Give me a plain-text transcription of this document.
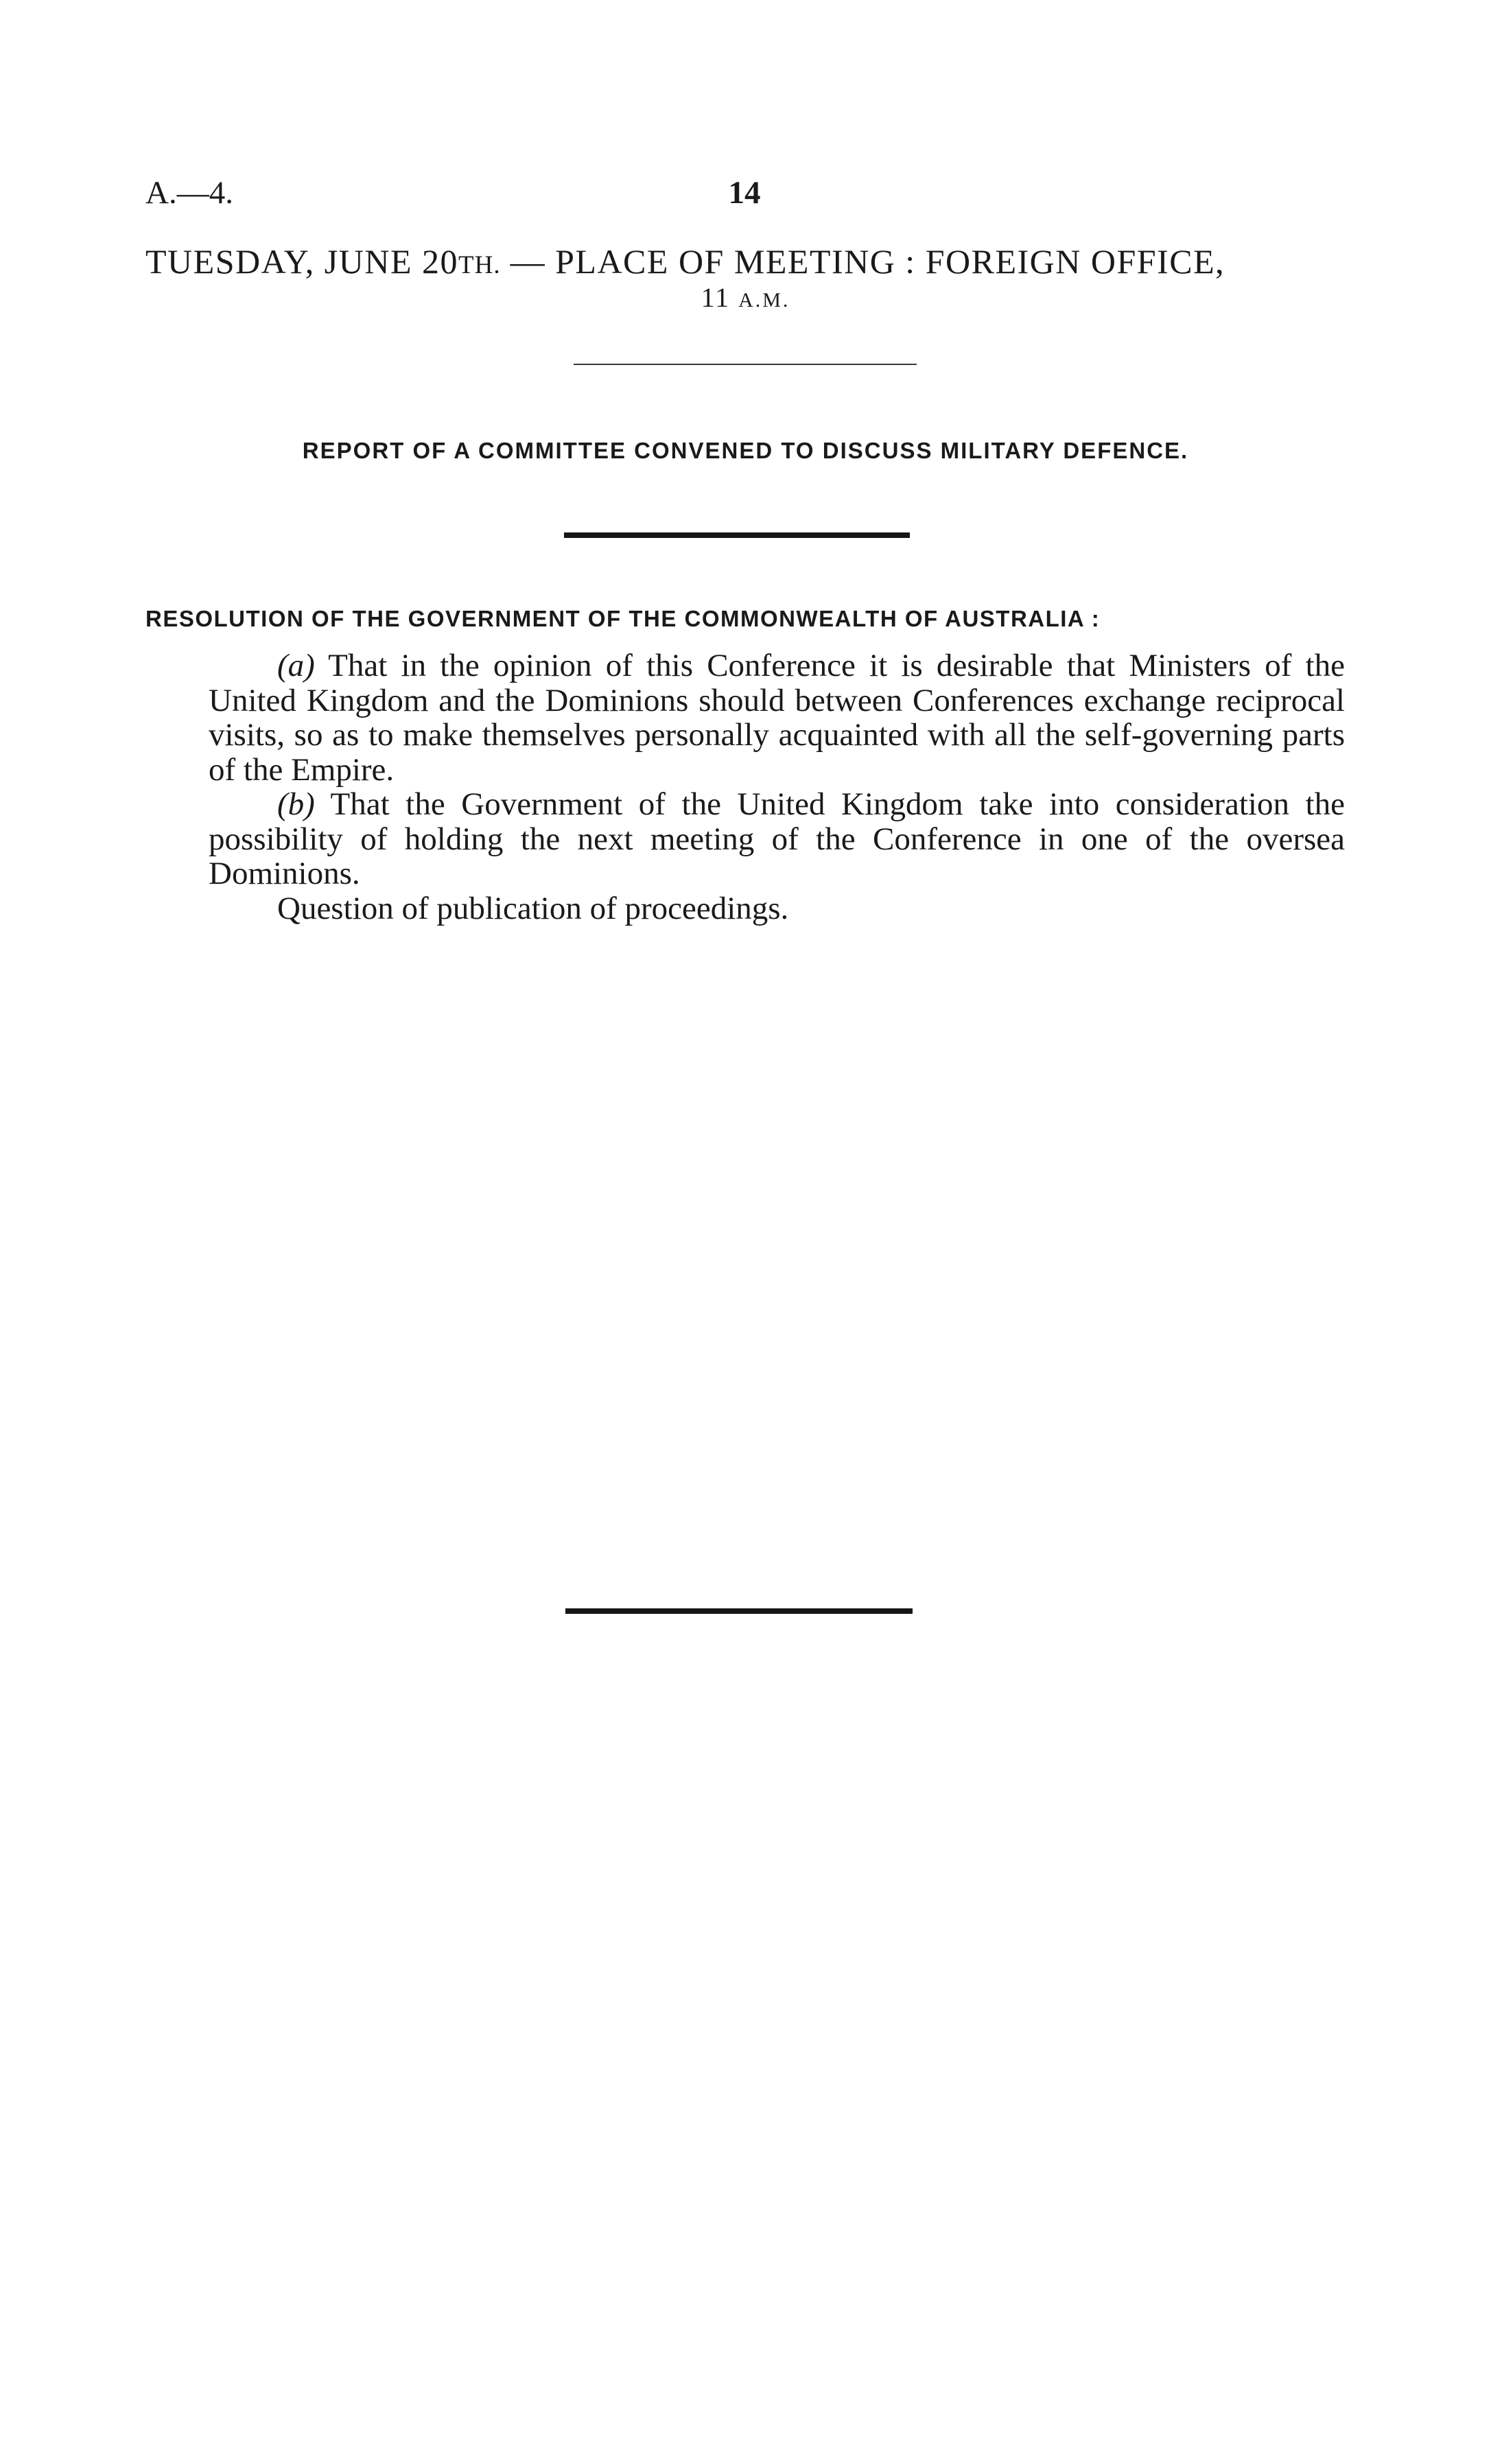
A.—4.	14
TUESDAY, JUNE 20TH. — PLACE OF MEETING : FOREIGN OFFICE,
11 A.M.
REPORT OF A COMMITTEE CONVENED TO DISCUSS MILITARY DEFENCE.
RESOLUTION OF THE GOVERNMENT OF THE COMMONWEALTH OF AUSTRALIA :

(a) That in the opinion of this Conference it is desirable that Ministers of the United Kingdom and the Dominions should between Conferences exchange reciprocal visits, so as to make themselves personally acquainted with all the self-governing parts of the Empire.

(b) That the Government of the United Kingdom take into consideration the possibility of holding the next meeting of the Conference in one of the oversea Dominions.

Question of publication of proceedings.
